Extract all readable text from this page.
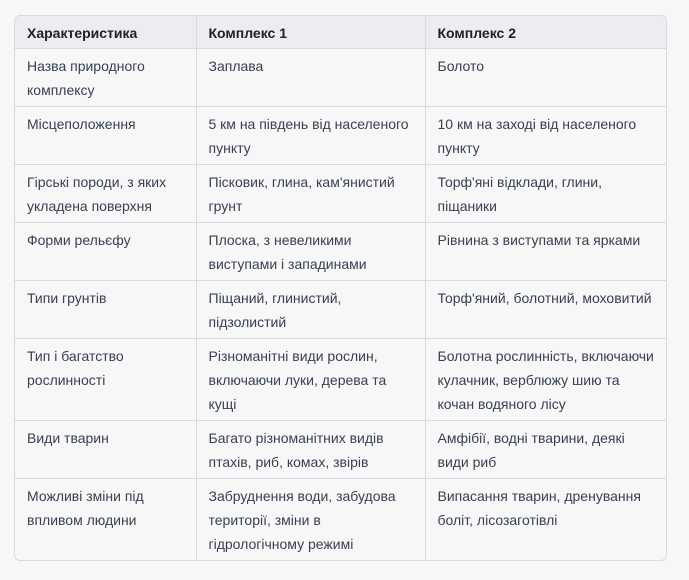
Характеристика	Комплекс 1	Комплекс 2
Назва природного комплексу	Заплава	Болото
Місцеположення	5 км на південь від населеного пункту	10 км на заході від населеного пункту
Гірські породи, з яких укладена поверхня	Пісковик, глина, кам'янистий грунт	Торф'яні відклади, глини, піщаники
Форми рельєфу	Плоска, з невеликими виступами і западинами	Рівнина з виступами та ярками
Типи грунтів	Піщаний, глинистий, підзолистий	Торф'яний, болотний, моховитий
Тип і багатство рослинності	Різноманітні види рослин, включаючи луки, дерева та кущі	Болотна рослинність, включаючи кулачник, верблюжу шию та кочан водяного лісу
Види тварин	Багато різноманітних видів птахів, риб, комах, звірів	Амфібії, водні тварини, деякі види риб
Можливі зміни під впливом людини	Забруднення води, забудова території, зміни в гідрологічному режимі	Випасання тварин, дренування боліт, лісозаготівлі
